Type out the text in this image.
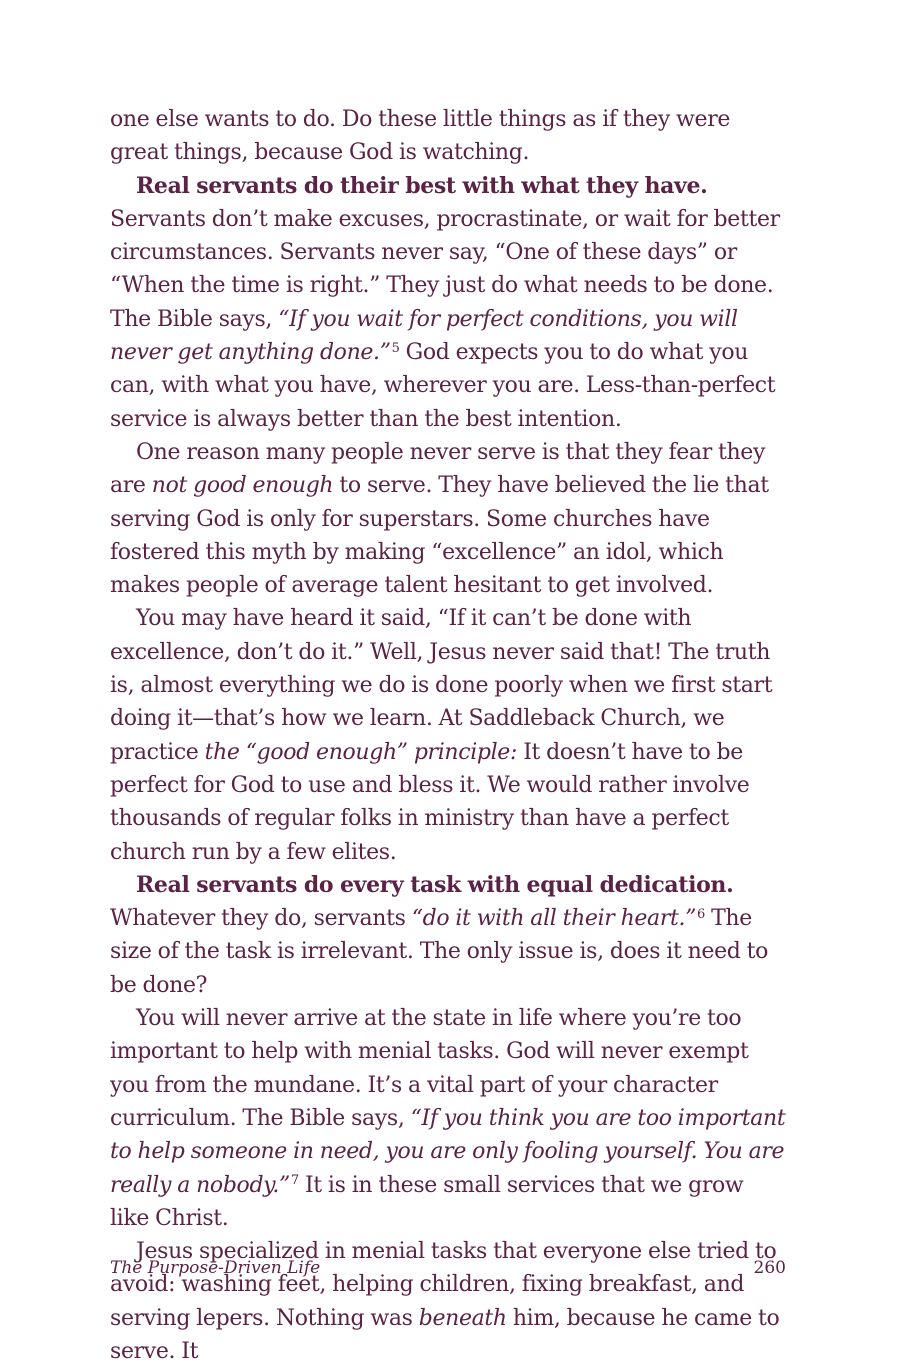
one else wants to do. Do these little things as if they were great things, because God is watching.

Real servants do their best with what they have. Servants don’t make excuses, procrastinate, or wait for better circumstances. Servants never say, “One of these days” or “When the time is right.” They just do what needs to be done. The Bible says, “If you wait for perfect conditions, you will never get anything done.”$^5$ God expects you to do what you can, with what you have, wherever you are. Less-than-perfect service is always better than the best intention.

One reason many people never serve is that they fear they are not good enough to serve. They have believed the lie that serving God is only for superstars. Some churches have fostered this myth by making “excellence” an idol, which makes people of average talent hesitant to get involved.

You may have heard it said, “If it can’t be done with excellence, don’t do it.” Well, Jesus never said that! The truth is, almost everything we do is done poorly when we first start doing it—that’s how we learn. At Saddleback Church, we practice the “good enough” principle: It doesn’t have to be perfect for God to use and bless it. We would rather involve thousands of regular folks in ministry than have a perfect church run by a few elites.

Real servants do every task with equal dedication. Whatever they do, servants “do it with all their heart.”$^6$ The size of the task is irrelevant. The only issue is, does it need to be done?

You will never arrive at the state in life where you’re too important to help with menial tasks. God will never exempt you from the mundane. It’s a vital part of your character curriculum. The Bible says, “If you think you are too important to help someone in need, you are only fooling yourself. You are really a nobody.”$^7$ It is in these small services that we grow like Christ.

Jesus specialized in menial tasks that everyone else tried to avoid: washing feet, helping children, fixing breakfast, and serving lepers. Nothing was beneath him, because he came to serve. It

The Purpose-Driven Life	260
